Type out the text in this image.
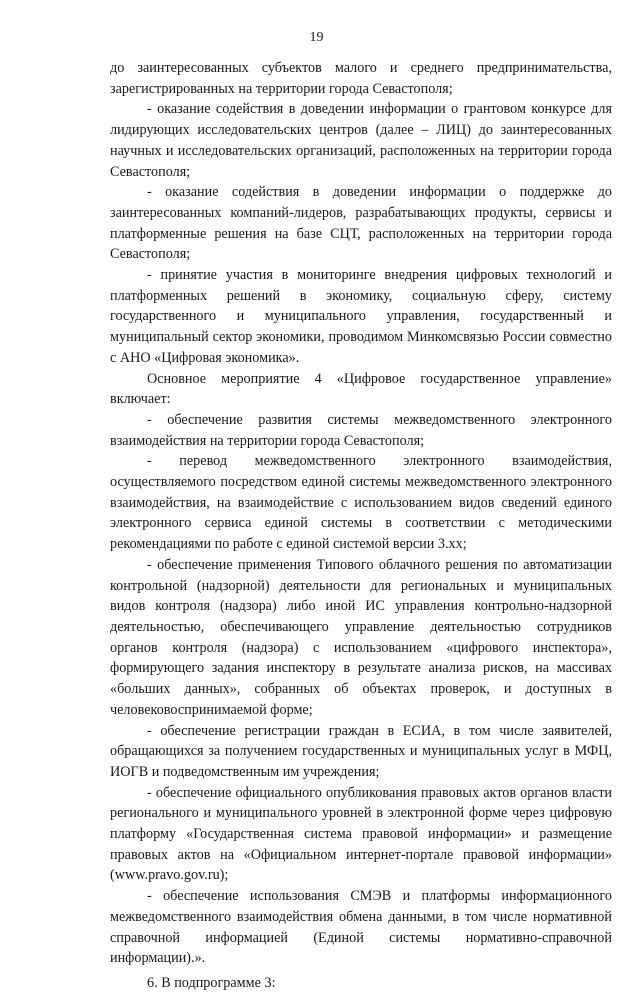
19

до заинтересованных субъектов малого и среднего предпринимательства, зарегистрированных на территории города Севастополя;

- оказание содействия в доведении информации о грантовом конкурсе для лидирующих исследовательских центров (далее – ЛИЦ) до заинтересованных научных и исследовательских организаций, расположенных на территории города Севастополя;

- оказание содействия в доведении информации о поддержке до заинтересованных компаний-лидеров, разрабатывающих продукты, сервисы и платформенные решения на базе СЦТ, расположенных на территории города Севастополя;

- принятие участия в мониторинге внедрения цифровых технологий и платформенных решений в экономику, социальную сферу, систему государственного и муниципального управления, государственный и муниципальный сектор экономики, проводимом Минкомсвязью России совместно с АНО «Цифровая экономика».

Основное мероприятие 4 «Цифровое государственное управление» включает:

- обеспечение развития системы межведомственного электронного взаимодействия на территории города Севастополя;

- перевод межведомственного электронного взаимодействия, осуществляемого посредством единой системы межведомственного электронного взаимодействия, на взаимодействие с использованием видов сведений единого электронного сервиса единой системы в соответствии с методическими рекомендациями по работе с единой системой версии 3.хх;

- обеспечение применения Типового облачного решения по автоматизации контрольной (надзорной) деятельности для региональных и муниципальных видов контроля (надзора) либо иной ИС управления контрольно-надзорной деятельностью, обеспечивающего управление деятельностью сотрудников органов контроля (надзора) с использованием «цифрового инспектора», формирующего задания инспектору в результате анализа рисков, на массивах «больших данных», собранных об объектах проверок, и доступных в человековоспринимаемой форме;

- обеспечение регистрации граждан в ЕСИА, в том числе заявителей, обращающихся за получением государственных и муниципальных услуг в МФЦ, ИОГВ и подведомственным им учреждения;

- обеспечение официального опубликования правовых актов органов власти регионального и муниципального уровней в электронной форме через цифровую платформу «Государственная система правовой информации» и размещение правовых актов на «Официальном интернет-портале правовой информации» (www.pravo.gov.ru);

- обеспечение использования СМЭВ и платформы информационного межведомственного взаимодействия обмена данными, в том числе нормативной справочной информацией (Единой системы нормативно-справочной информации).».

6. В подпрограмме 3:
